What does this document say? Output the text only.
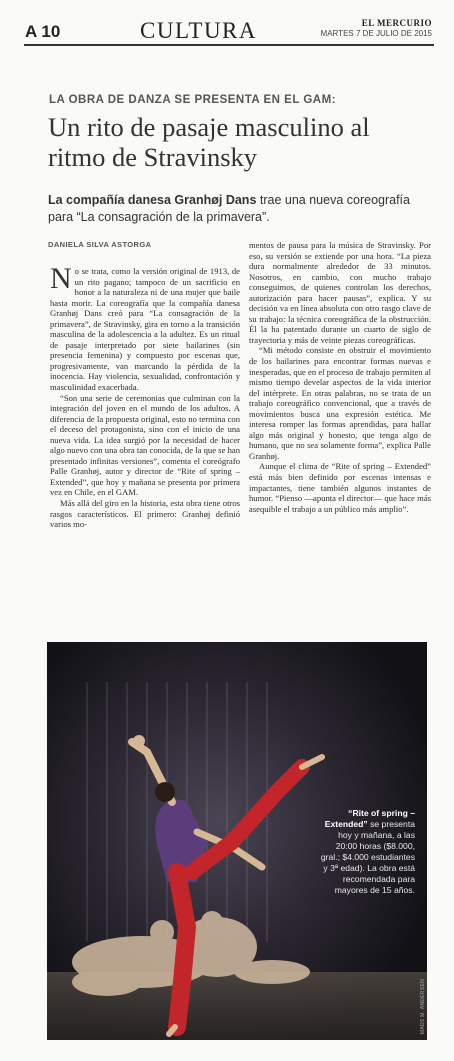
A 10	CULTURA	EL MERCURIO
MARTES 7 DE JULIO DE 2015
LA OBRA DE DANZA SE PRESENTA EN EL GAM:
Un rito de pasaje masculino al ritmo de Stravinsky
La compañía danesa Granhøj Dans trae una nueva coreografía para “La consagración de la primavera”.
DANIELA SILVA ASTORGA

No se trata, como la versión original de 1913, de un rito pagano; tampoco de un sacrificio en honor a la naturaleza ni de una mujer que baile hasta morir. La coreografía que la compañía danesa Granhøj Dans creó para “La consagración de la primavera”, de Stravinsky, gira en torno a la transición masculina de la adolescencia a la adultez. Es un ritual de pasaje interpretado por siete bailarines (sin presencia femenina) y compuesto por escenas que, progresivamente, van marcando la pérdida de la inocencia. Hay violencia, sexualidad, confrontación y masculinidad exacerbada.

“Son una serie de ceremonias que culminan con la integración del joven en el mundo de los adultos. A diferencia de la propuesta original, esto no termina con el deceso del protagonista, sino con el inicio de una nueva vida. La idea surgió por la necesidad de hacer algo nuevo con una obra tan conocida, de la que se han presentado infinitas versiones”, comenta el coreógrafo Palle Granhøj, autor y director de “Rite of spring – Extended”, que hoy y mañana se presenta por primera vez en Chile, en el GAM.

Más allá del giro en la historia, esta obra tiene otros rasgos característicos. El primero: Granhøj definió varios mo-

mentos de pausa para la música de Stravinsky. Por eso, su versión se extiende por una hora. “La pieza dura normalmente alrededor de 33 minutos. Nosotros, en cambio, con mucho trabajo conseguimos, de quienes controlan los derechos, autorización para hacer pausas”, explica. Y su decisión va en línea absoluta con otro rasgo clave de su trabajo: la técnica coreográfica de la obstrucción. Él la ha patentado durante un cuarto de siglo de trayectoria y más de veinte piezas coreográficas.

“Mi método consiste en obstruir el movimiento de los bailarines para encontrar formas nuevas e inesperadas, que en el proceso de trabajo permiten al mismo tiempo develar aspectos de la vida interior del intérprete. En otras palabras, no se trata de un trabajo coreográfico convencional, que a través de movimientos busca una expresión estética. Me interesa romper las formas aprendidas, para hallar algo más original y honesto, que tenga algo de humano, que no sea solamente forma”, explica Palle Granhøj.

Aunque el clima de “Rite of spring – Extended” está más bien definido por escenas intensas e impactantes, tiene también algunos instantes de humor. “Pienso —apunta el director— que hace más asequible el trabajo a un público más amplio”.

“Rite of spring – Extended” se presenta hoy y mañana, a las 20:00 horas ($8.000, gral.; $4.000 estudiantes y 3ª edad). La obra está recomendada para mayores de 15 años.
MADS M. ANDERSEN
